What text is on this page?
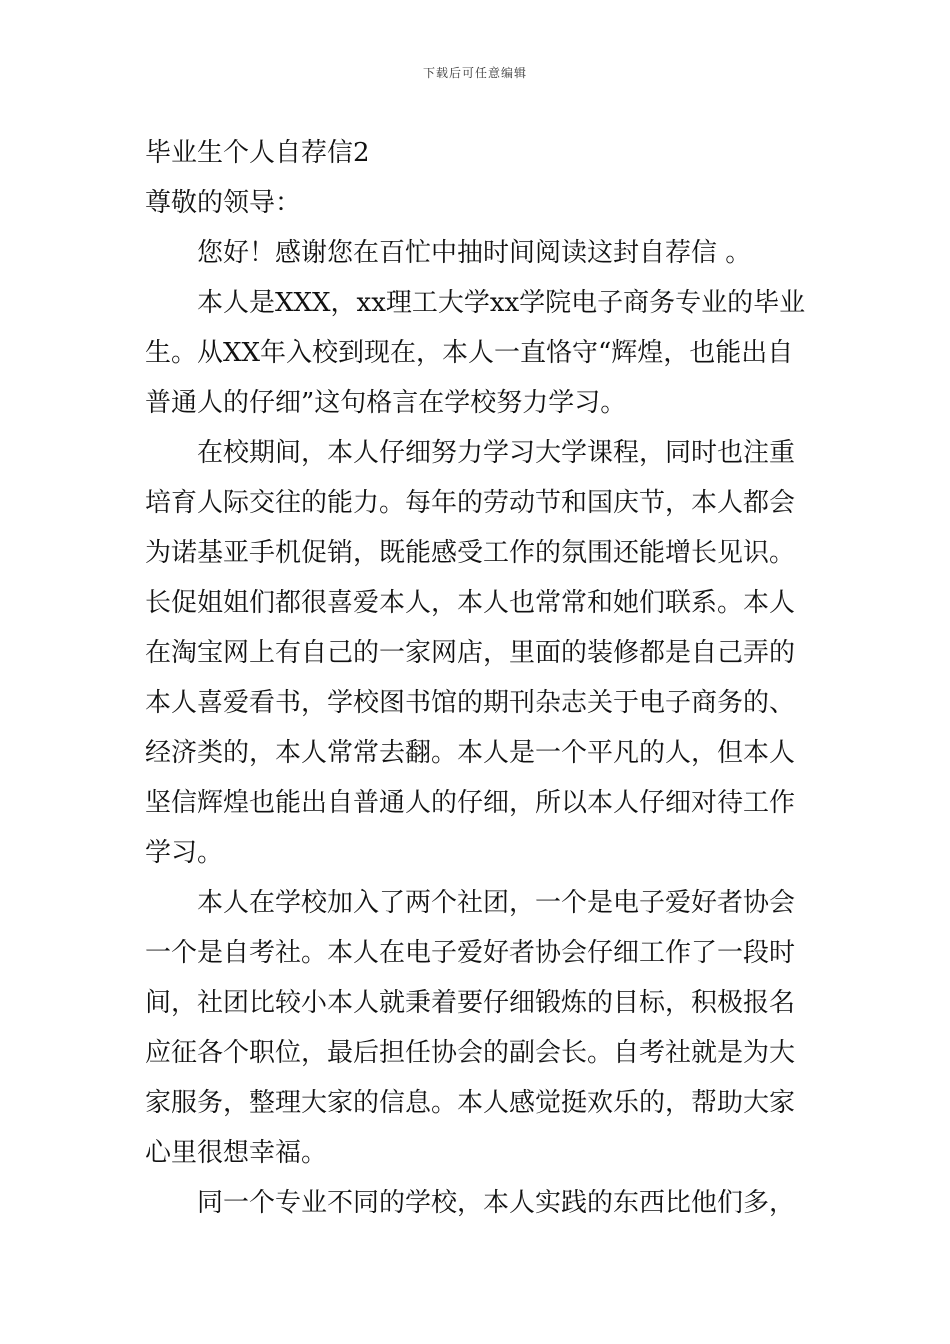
下载后可任意编辑
毕业生个人自荐信2
尊敬的领导：
您好！感谢您在百忙中抽时间阅读这封自荐信 。
本人是XXX，xx理工大学xx学院电子商务专业的毕业
生。从XX年入校到现在，本人一直恪守“辉煌，也能出自
普通人的仔细”这句格言在学校努力学习。
在校期间，本人仔细努力学习大学课程，同时也注重
培育人际交往的能力。每年的劳动节和国庆节，本人都会
为诺基亚手机促销，既能感受工作的氛围还能增长见识。
长促姐姐们都很喜爱本人，本人也常常和她们联系。本人
在淘宝网上有自己的一家网店，里面的装修都是自己弄的
本人喜爱看书，学校图书馆的期刊杂志关于电子商务的、
经济类的，本人常常去翻。本人是一个平凡的人，但本人
坚信辉煌也能出自普通人的仔细，所以本人仔细对待工作
学习。
本人在学校加入了两个社团，一个是电子爱好者协会
一个是自考社。本人在电子爱好者协会仔细工作了一段时
间，社团比较小本人就秉着要仔细锻炼的目标，积极报名
应征各个职位，最后担任协会的副会长。自考社就是为大
家服务，整理大家的信息。本人感觉挺欢乐的，帮助大家
心里很想幸福。
同一个专业不同的学校，本人实践的东西比他们多，
